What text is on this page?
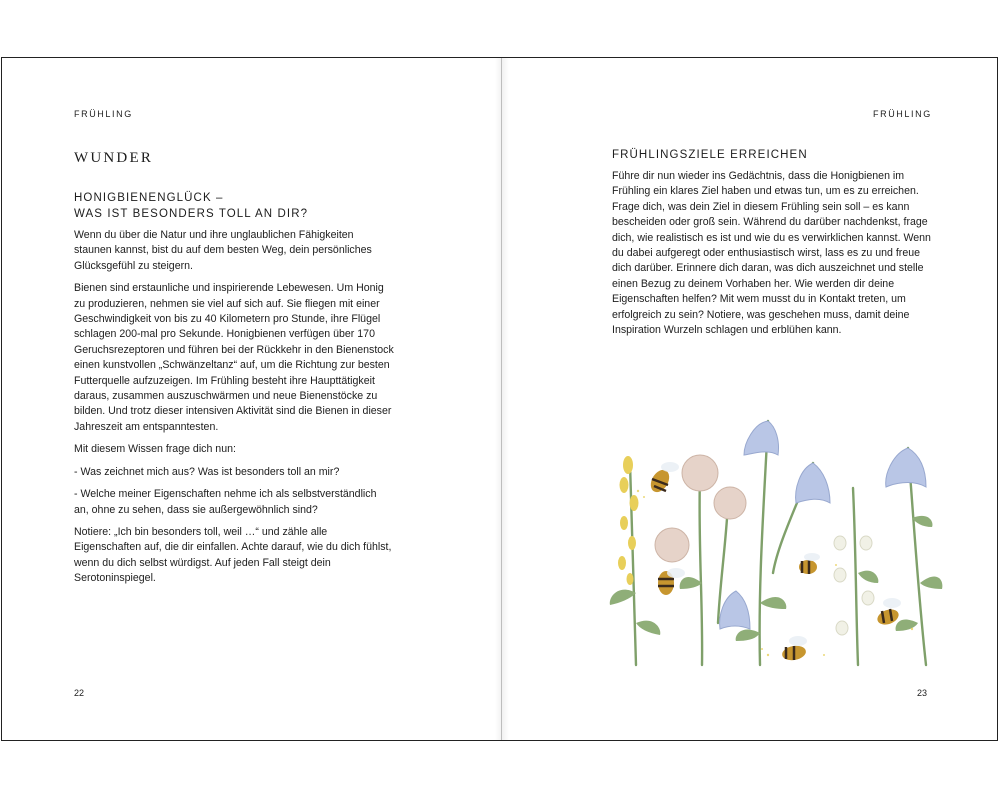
FRÜHLING
WUNDER
HONIGBIENENGLÜCK –
WAS IST BESONDERS TOLL AN DIR?

Wenn du über die Natur und ihre unglaublichen Fähigkeiten staunen kannst, bist du auf dem besten Weg, dein persönliches Glücksgefühl zu steigern.

Bienen sind erstaunliche und inspirierende Lebewesen. Um Honig zu produzieren, nehmen sie viel auf sich auf. Sie fliegen mit einer Geschwindigkeit von bis zu 40 Kilometern pro Stunde, ihre Flügel schlagen 200-mal pro Sekunde. Honigbienen verfügen über 170 Geruchsrezeptoren und führen bei der Rückkehr in den Bienenstock einen kunstvollen „Schwänzeltanz“ auf, um die Richtung zur besten Futterquelle aufzuzeigen. Im Frühling besteht ihre Haupttätigkeit daraus, zusammen auszuschwärmen und neue Bienenstöcke zu bilden. Und trotz dieser intensiven Aktivität sind die Bienen in dieser Jahreszeit am entspanntesten.

Mit diesem Wissen frage dich nun:

- Was zeichnet mich aus? Was ist besonders toll an mir?

- Welche meiner Eigenschaften nehme ich als selbstverständlich an, ohne zu sehen, dass sie außergewöhnlich sind?

Notiere: „Ich bin besonders toll, weil …“ und zähle alle Eigenschaften auf, die dir einfallen. Achte darauf, wie du dich fühlst, wenn du dich selbst würdigst. Auf jeden Fall steigt dein Serotoninspiegel.

22
FRÜHLING
FRÜHLINGSZIELE ERREICHEN

Führe dir nun wieder ins Gedächtnis, dass die Honigbienen im Frühling ein klares Ziel haben und etwas tun, um es zu erreichen. Frage dich, was dein Ziel in diesem Frühling sein soll – es kann bescheiden oder groß sein. Während du darüber nachdenkst, frage dich, wie realistisch es ist und wie du es verwirklichen kannst. Wenn du dabei aufgeregt oder enthusiastisch wirst, lass es zu und freue dich darüber. Erinnere dich daran, was dich auszeichnet und stelle einen Bezug zu deinem Vorhaben her. Wie werden dir deine Eigenschaften helfen? Mit wem musst du in Kontakt treten, um erfolgreich zu sein? Notiere, was geschehen muss, damit deine Inspiration Wurzeln schlagen und erblühen kann.

23
